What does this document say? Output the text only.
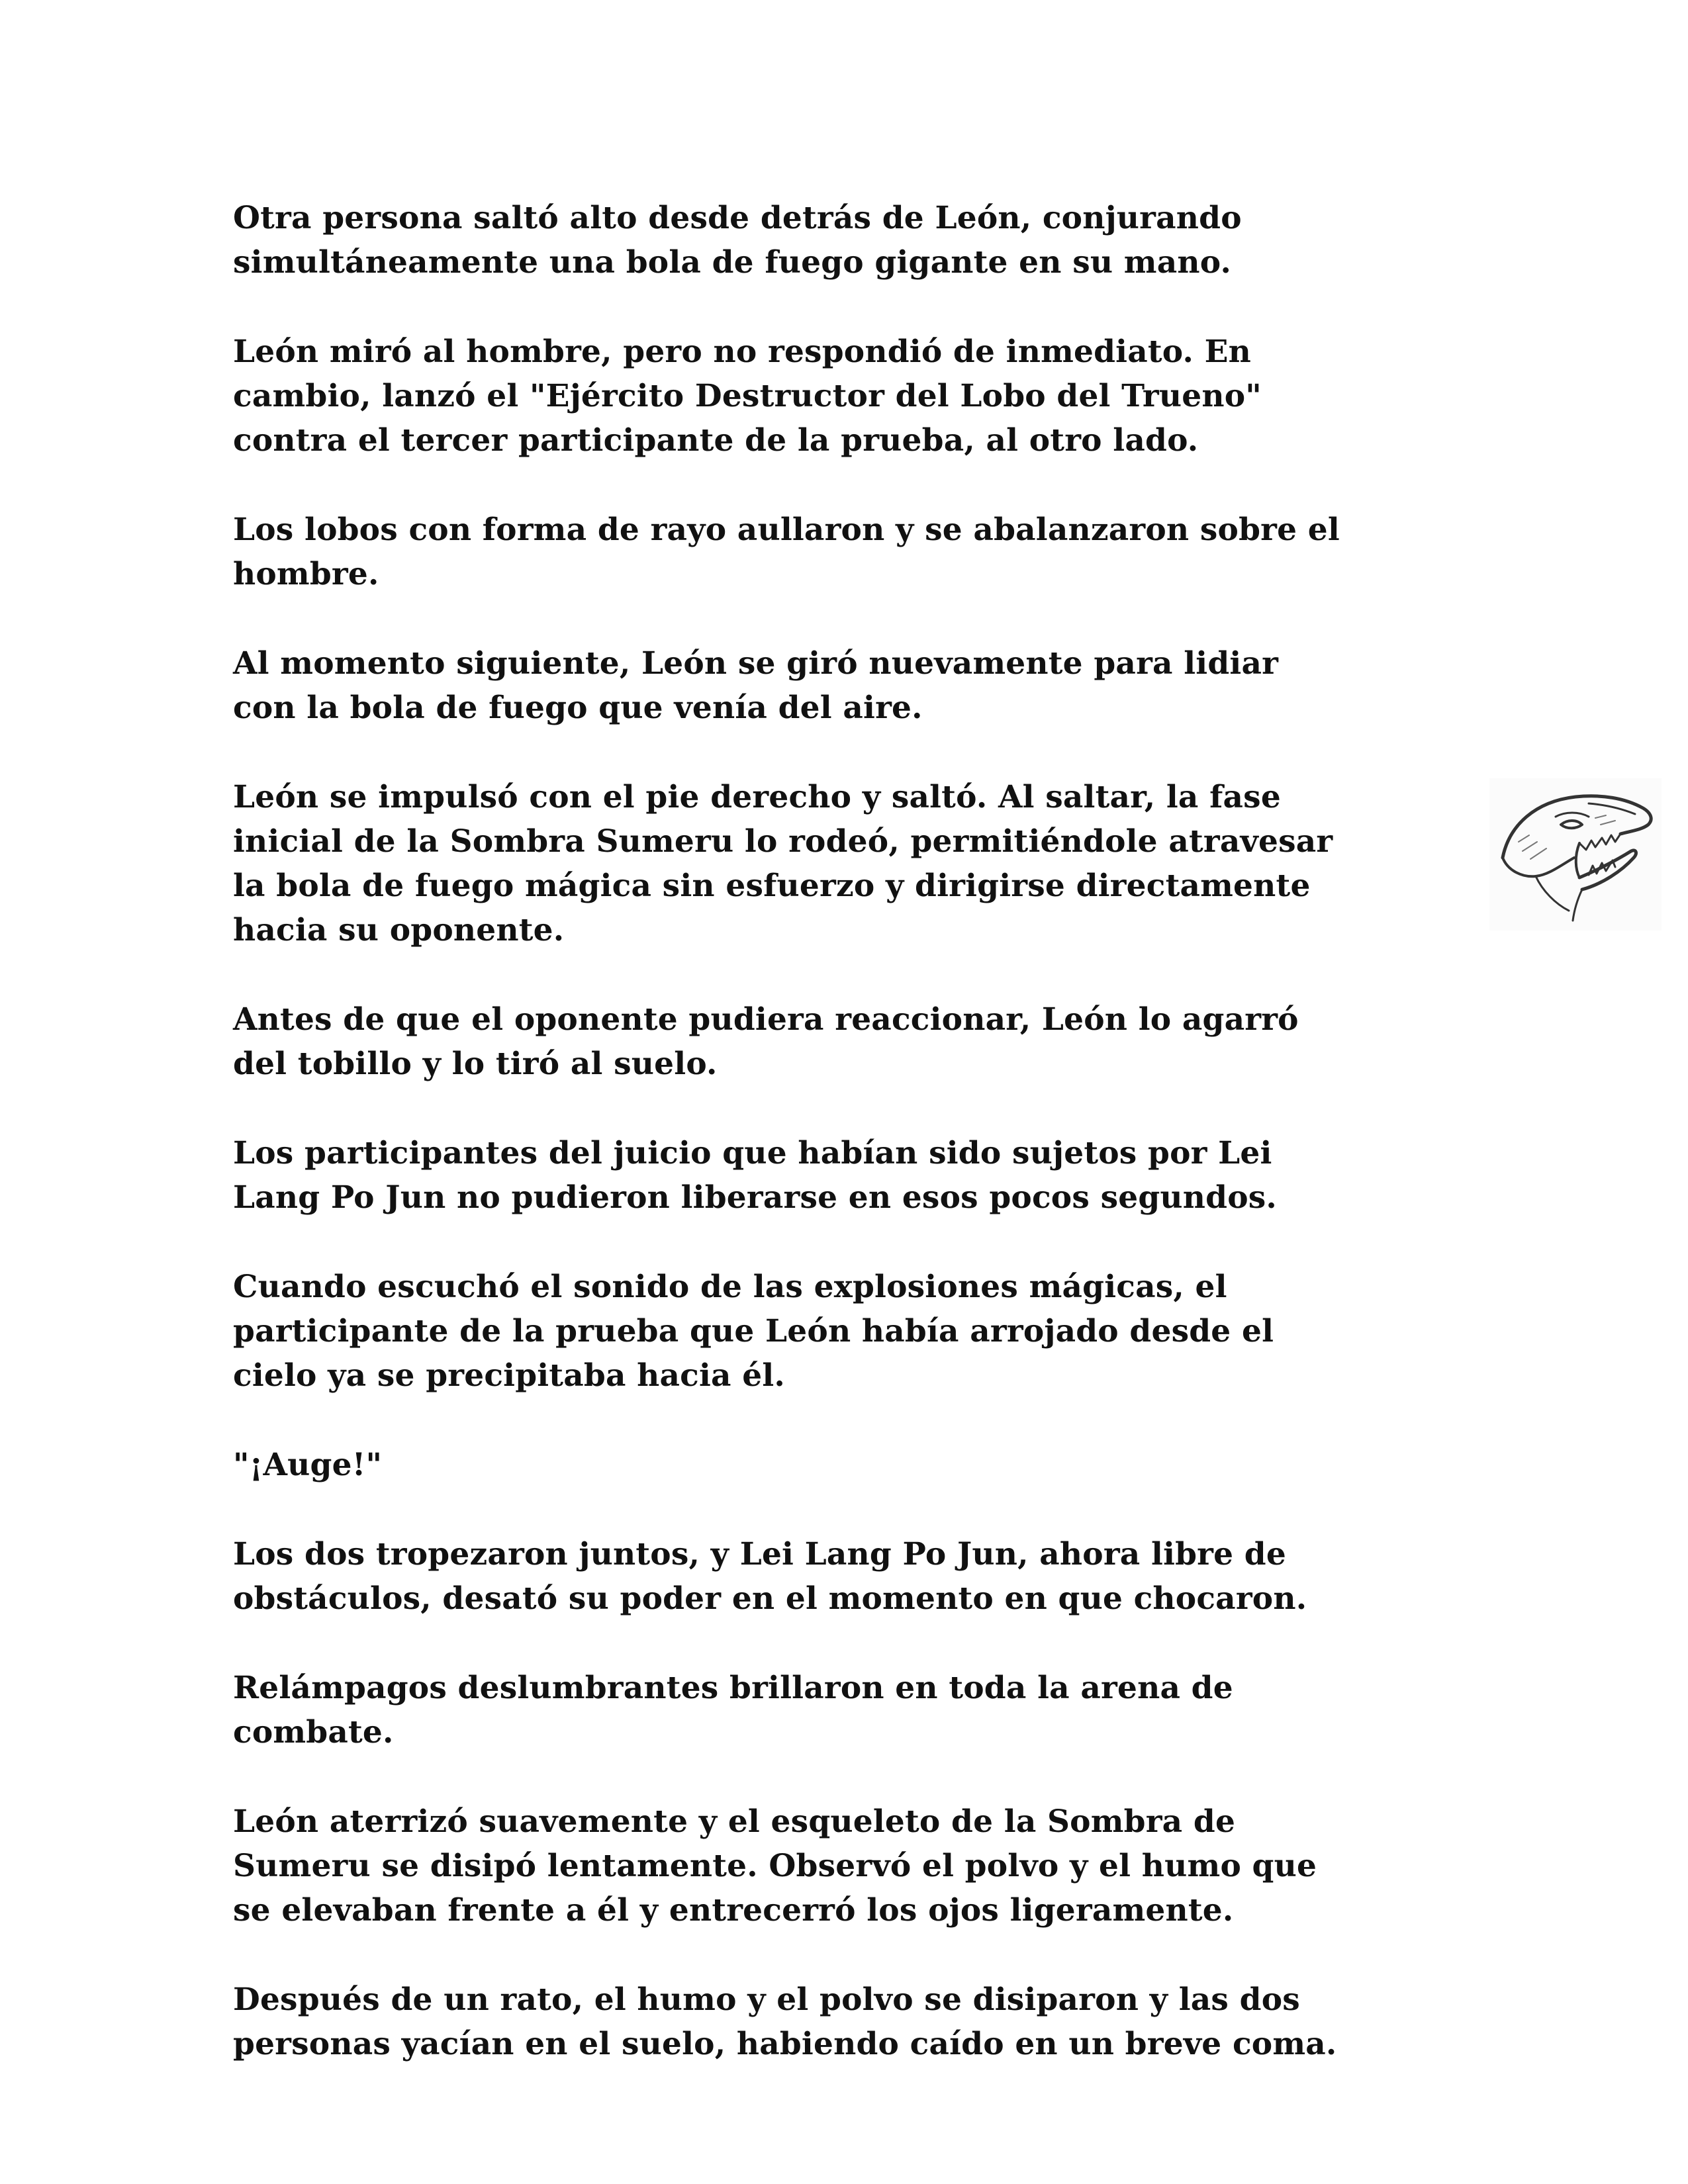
Otra persona saltó alto desde detrás de León, conjurando
simultáneamente una bola de fuego gigante en su mano.

León miró al hombre, pero no respondió de inmediato. En
cambio, lanzó el "Ejército Destructor del Lobo del Trueno"
contra el tercer participante de la prueba, al otro lado.

Los lobos con forma de rayo aullaron y se abalanzaron sobre el
hombre.

Al momento siguiente, León se giró nuevamente para lidiar
con la bola de fuego que venía del aire.

León se impulsó con el pie derecho y saltó. Al saltar, la fase
inicial de la Sombra Sumeru lo rodeó, permitiéndole atravesar
la bola de fuego mágica sin esfuerzo y dirigirse directamente
hacia su oponente.

Antes de que el oponente pudiera reaccionar, León lo agarró
del tobillo y lo tiró al suelo.

Los participantes del juicio que habían sido sujetos por Lei
Lang Po Jun no pudieron liberarse en esos pocos segundos.

Cuando escuchó el sonido de las explosiones mágicas, el
participante de la prueba que León había arrojado desde el
cielo ya se precipitaba hacia él.

"¡Auge!"

Los dos tropezaron juntos, y Lei Lang Po Jun, ahora libre de
obstáculos, desató su poder en el momento en que chocaron.

Relámpagos deslumbrantes brillaron en toda la arena de
combate.

León aterrizó suavemente y el esqueleto de la Sombra de
Sumeru se disipó lentamente. Observó el polvo y el humo que
se elevaban frente a él y entrecerró los ojos ligeramente.

Después de un rato, el humo y el polvo se disiparon y las dos
personas yacían en el suelo, habiendo caído en un breve coma.
